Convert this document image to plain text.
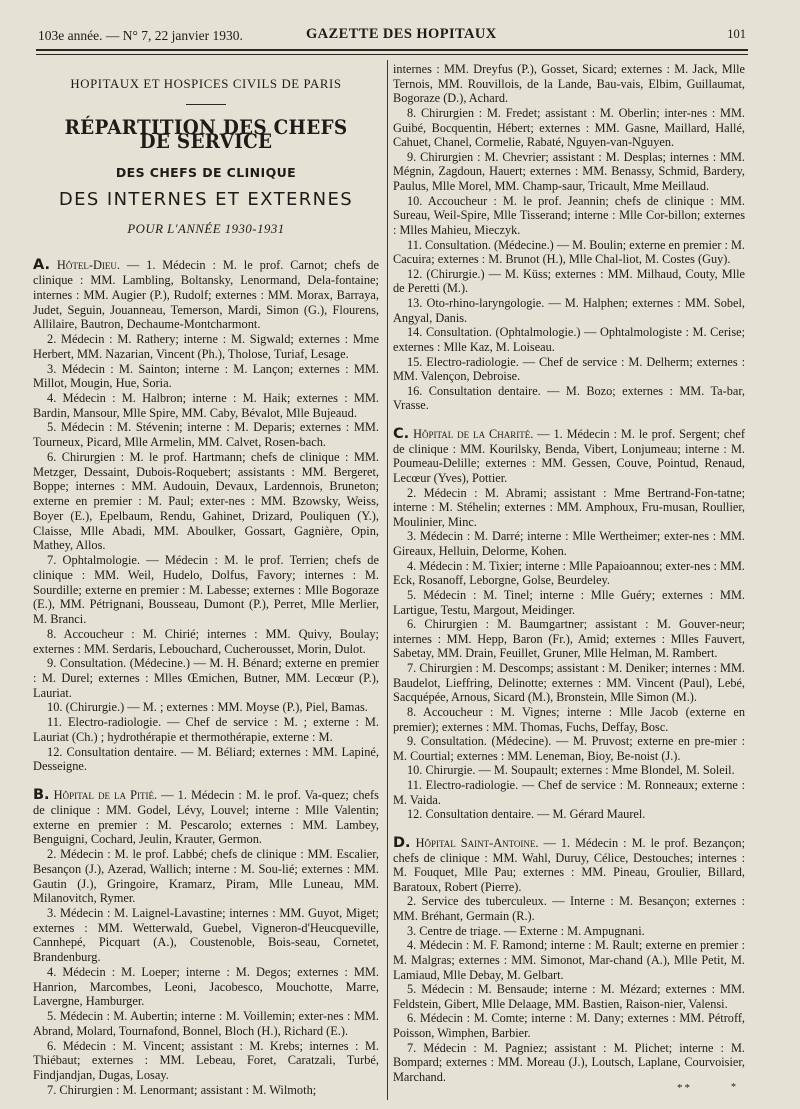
103e année. — N° 7, 22 janvier 1930.	GAZETTE DES HOPITAUX	101
HOPITAUX ET HOSPICES CIVILS DE PARIS
RÉPARTITION DES CHEFS DE SERVICE
DES CHEFS DE CLINIQUE
DES INTERNES ET EXTERNES
POUR L'ANNÉE 1930-1931

A. Hôtel-Dieu. — 1. Médecin : M. le prof. Carnot; chefs de clinique : MM. Lambling, Boltansky, Lenormand, Dela-fontaine; internes : MM. Augier (P.), Rudolf; externes : MM. Morax, Barraya, Judet, Seguin, Jouanneau, Temerson, Mardi, Simon (G.), Flourens, Allilaire, Bautron, Dechaume-Montcharmont.

2. Médecin : M. Rathery; interne : M. Sigwald; externes : Mme Herbert, MM. Nazarian, Vincent (Ph.), Tholose, Turiaf, Lesage.

3. Médecin : M. Sainton; interne : M. Lançon; externes : MM. Millot, Mougin, Hue, Soria.

4. Médecin : M. Halbron; interne : M. Haik; externes : MM. Bardin, Mansour, Mlle Spire, MM. Caby, Bévalot, Mlle Bujeaud.

5. Médecin : M. Stévenin; interne : M. Deparis; externes : MM. Tourneux, Picard, Mlle Armelin, MM. Calvet, Rosen-bach.

6. Chirurgien : M. le prof. Hartmann; chefs de clinique : MM. Metzger, Dessaint, Dubois-Roquebert; assistants : MM. Bergeret, Boppe; internes : MM. Audouin, Devaux, Lardennois, Bruneton; externe en premier : M. Paul; exter-nes : MM. Bzowsky, Weiss, Boyer (E.), Epelbaum, Rendu, Gahinet, Drizard, Pouliquen (Y.), Claisse, Mlle Abadi, MM. Aboulker, Gossart, Gagnière, Opin, Mathey, Allos.

7. Ophtalmologie. — Médecin : M. le prof. Terrien; chefs de clinique : MM. Weil, Hudelo, Dolfus, Favory; internes : M. Sourdille; externe en premier : M. Labesse; externes : Mlle Bogoraze (E.), MM. Pétrignani, Bousseau, Dumont (P.), Perret, Mlle Merlier, M. Branci.

8. Accoucheur : M. Chirié; internes : MM. Quivy, Boulay; externes : MM. Serdaris, Lebouchard, Cucherousset, Morin, Dulot.

9. Consultation. (Médecine.) — M. H. Bénard; externe en premier : M. Durel; externes : Mlles Œmichen, Butner, MM. Lecœur (P.), Lauriat.

10. (Chirurgie.) — M. ; externes : MM. Moyse (P.), Piel, Bamas.

11. Electro-radiologie. — Chef de service : M. ; externe : M. Lauriat (Ch.) ; hydrothérapie et thermothérapie, externe : M.

12. Consultation dentaire. — M. Béliard; externes : MM. Lapiné, Desseigne.

B. Hôpital de la Pitié. — 1. Médecin : M. le prof. Va-quez; chefs de clinique : MM. Godel, Lévy, Louvel; interne : Mlle Valentin; externe en premier : M. Pescarolo; externes : MM. Lambey, Benguigni, Cochard, Jeulin, Krauter, Germon.

2. Médecin : M. le prof. Labbé; chefs de clinique : MM. Escalier, Besançon (J.), Azerad, Wallich; interne : M. Sou-lié; externes : MM. Gautin (J.), Gringoire, Kramarz, Piram, Mlle Luneau, MM. Milanovitch, Rymer.

3. Médecin : M. Laignel-Lavastine; internes : MM. Guyot, Miget; externes : MM. Wetterwald, Guebel, Vigneron-d'Heucqueville, Cannhepé, Picquart (A.), Coustenoble, Bois-seau, Cornetet, Brandenburg.

4. Médecin : M. Loeper; interne : M. Degos; externes : MM. Hanrion, Marcombes, Leoni, Jacobesco, Mouchotte, Marre, Lavergne, Hamburger.

5. Médecin : M. Aubertin; interne : M. Voillemin; exter-nes : MM. Abrand, Molard, Tournafond, Bonnel, Bloch (H.), Richard (E.).

6. Médecin : M. Vincent; assistant : M. Krebs; internes : M. Thiébaut; externes : MM. Lebeau, Foret, Caratzali, Turbé, Findjandjan, Dugas, Losay.

7. Chirurgien : M. Lenormant; assistant : M. Wilmoth;

internes : MM. Dreyfus (P.), Gosset, Sicard; externes : M. Jack, Mlle Ternois, MM. Rouvillois, de la Lande, Bau-vais, Elbim, Guillaumat, Bogoraze (D.), Achard.

8. Chirurgien : M. Fredet; assistant : M. Oberlin; inter-nes : MM. Guibé, Bocquentin, Hébert; externes : MM. Gasne, Maillard, Hallé, Cahuet, Chanel, Cormelie, Rabaté, Nguyen-van-Nguyen.

9. Chirurgien : M. Chevrier; assistant : M. Desplas; internes : MM. Mégnin, Zagdoun, Hauert; externes : MM. Benassy, Schmid, Bardery, Paulus, Mlle Morel, MM. Champ-saur, Tricault, Mme Meillaud.

10. Accoucheur : M. le prof. Jeannin; chefs de clinique : MM. Sureau, Weil-Spire, Mlle Tisserand; interne : Mlle Cor-billon; externes : Mlles Mahieu, Mieczyk.

11. Consultation. (Médecine.) — M. Boulin; externe en premier : M. Cacuira; externes : M. Brunot (H.), Mlle Chal-liot, M. Costes (Guy).

12. (Chirurgie.) — M. Küss; externes : MM. Milhaud, Couty, Mlle de Peretti (M.).

13. Oto-rhino-laryngologie. — M. Halphen; externes : MM. Sobel, Angyal, Danis.

14. Consultation. (Ophtalmologie.) — Ophtalmologiste : M. Cerise; externes : Mlle Kaz, M. Loiseau.

15. Electro-radiologie. — Chef de service : M. Delherm; externes : MM. Valençon, Debroise.

16. Consultation dentaire. — M. Bozo; externes : MM. Ta-bar, Vrasse.

C. Hôpital de la Charité. — 1. Médecin : M. le prof. Sergent; chef de clinique : MM. Kourilsky, Benda, Vibert, Lonjumeau; interne : M. Poumeau-Delille; externes : MM. Gessen, Couve, Pointud, Renaud, Lecœur (Yves), Pottier.

2. Médecin : M. Abrami; assistant : Mme Bertrand-Fon-tatne; interne : M. Stéhelin; externes : MM. Amphoux, Fru-musan, Roullier, Moulinier, Minc.

3. Médecin : M. Darré; interne : Mlle Wertheimer; exter-nes : MM. Gireaux, Helluin, Delorme, Kohen.

4. Médecin : M. Tixier; interne : Mlle Papaioannou; exter-nes : MM. Eck, Rosanoff, Leborgne, Golse, Beurdeley.

5. Médecin : M. Tinel; interne : Mlle Guéry; externes : MM. Lartigue, Testu, Margout, Meidinger.

6. Chirurgien : M. Baumgartner; assistant : M. Gouver-neur; internes : MM. Hepp, Baron (Fr.), Amid; externes : Mlles Fauvert, Sabetay, MM. Drain, Feuillet, Gruner, Mlle Helman, M. Rambert.

7. Chirurgien : M. Descomps; assistant : M. Deniker; internes : MM. Baudelot, Lieffring, Delinotte; externes : MM. Vincent (Paul), Lebé, Sacquépée, Arnous, Sicard (M.), Bronstein, Mlle Simon (M.).

8. Accoucheur : M. Vignes; interne : Mlle Jacob (externe en premier); externes : MM. Thomas, Fuchs, Deffay, Bosc.

9. Consultation. (Médecine). — M. Pruvost; externe en pre-mier : M. Courtial; externes : MM. Leneman, Bioy, Be-noist (J.).

10. Chirurgie. — M. Soupault; externes : Mme Blondel, M. Soleil.

11. Electro-radiologie. — Chef de service : M. Ronneaux; externe : M. Vaida.

12. Consultation dentaire. — M. Gérard Maurel.

D. Hôpital Saint-Antoine. — 1. Médecin : M. le prof. Bezançon; chefs de clinique : MM. Wahl, Duruy, Célice, Destouches; internes : M. Fouquet, Mlle Pau; externes : MM. Pineau, Groulier, Billard, Baratoux, Robert (Pierre).

2. Service des tuberculeux. — Interne : M. Besançon; externes : MM. Bréhant, Germain (R.).

3. Centre de triage. — Externe : M. Ampugnani.

4. Médecin : M. F. Ramond; interne : M. Rault; externe en premier : M. Malgras; externes : MM. Simonot, Mar-chand (A.), Mlle Petit, M. Lamiaud, Mlle Debay, M. Gelbart.

5. Médecin : M. Bensaude; interne : M. Mézard; externes : MM. Feldstein, Gibert, Mlle Delaage, MM. Bastien, Raison-nier, Valensi.

6. Médecin : M. Comte; interne : M. Dany; externes : MM. Pétroff, Poisson, Wimphen, Barbier.

7. Médecin : M. Pagniez; assistant : M. Plichet; interne : M. Bompard; externes : MM. Moreau (J.), Loutsch, Laplane, Courvoisier, Marchand.

**	*
